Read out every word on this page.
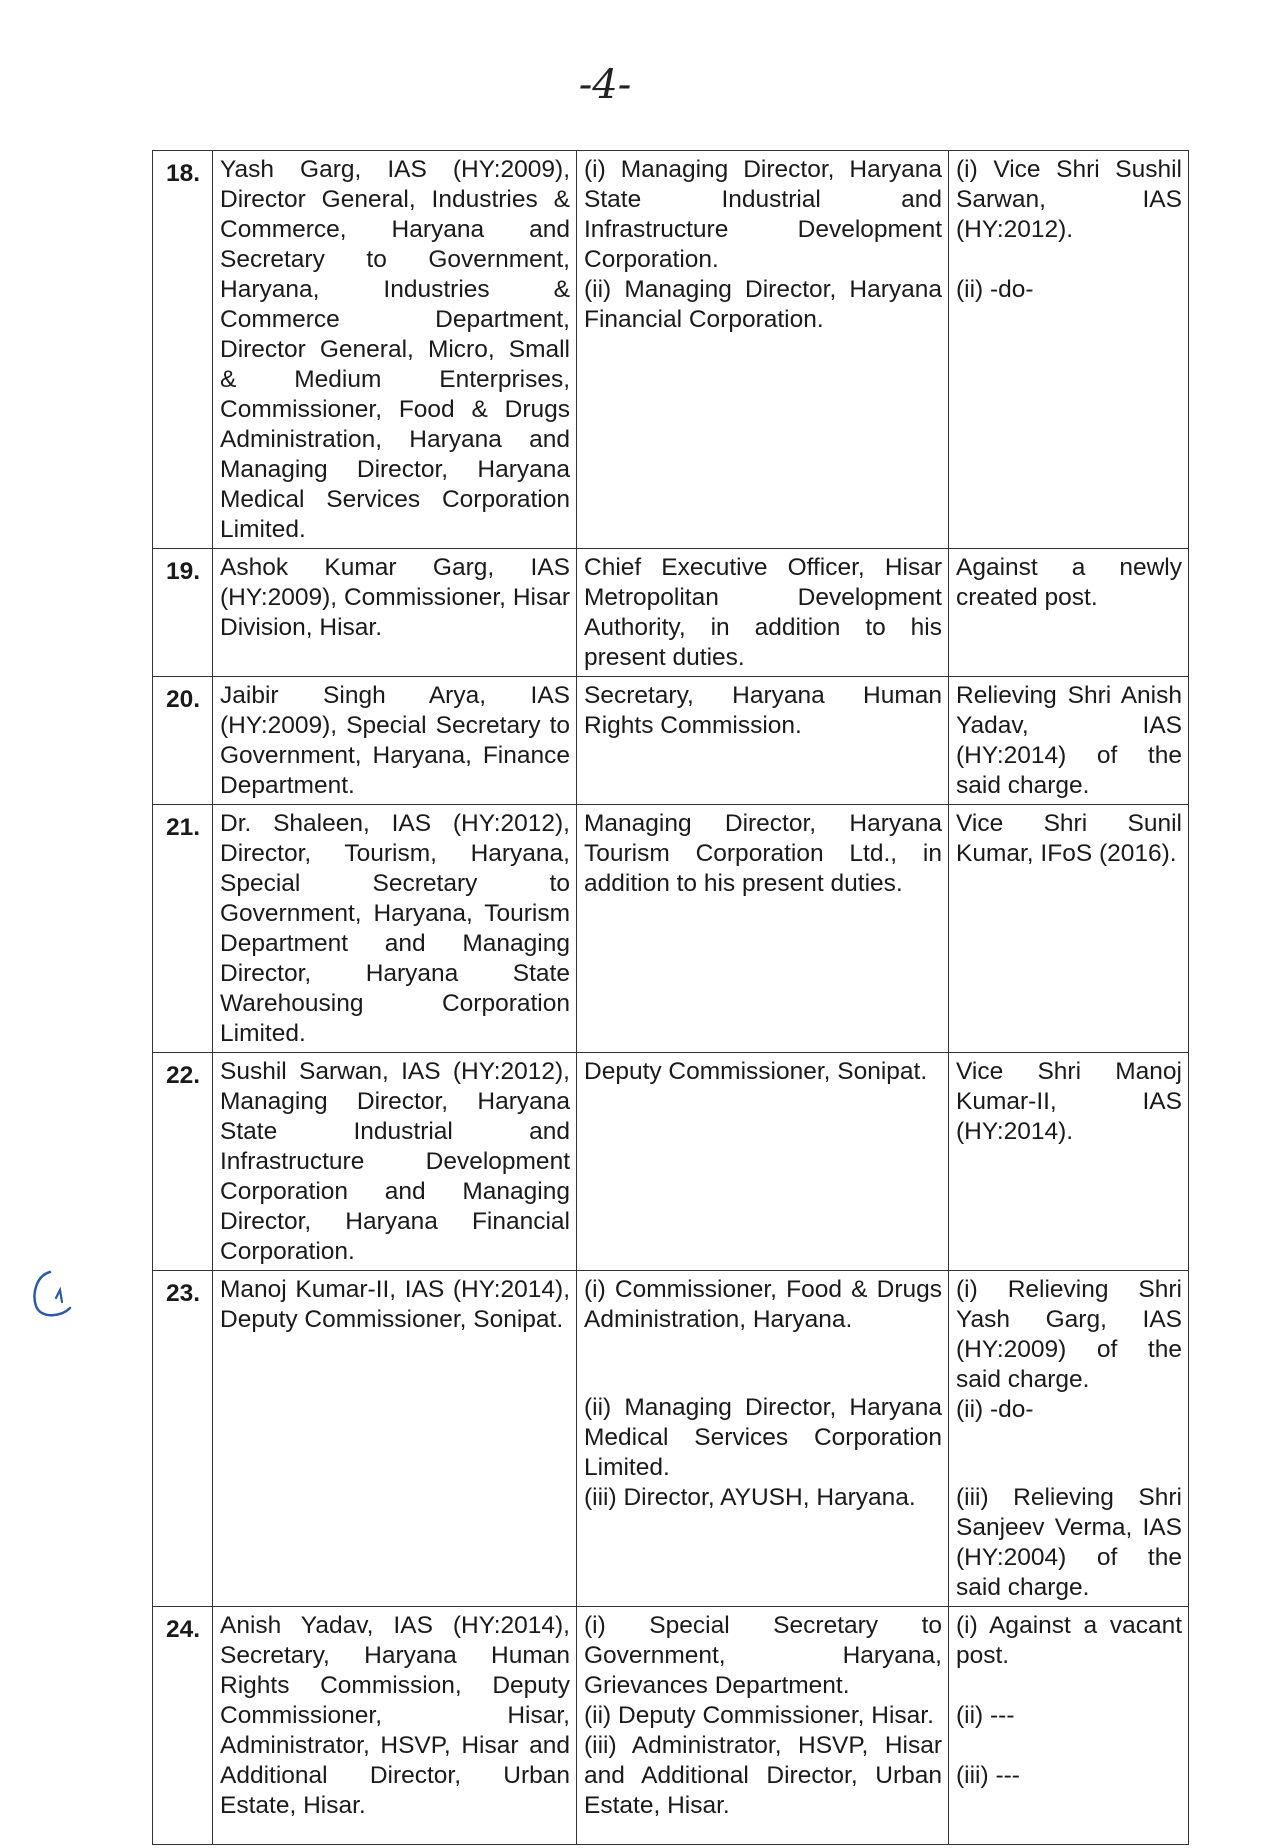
-4-
18.	Yash Garg, IAS (HY:2009), Director General, Industries & Commerce, Haryana and Secretary to Government, Haryana, Industries & Commerce Department, Director General, Micro, Small & Medium Enterprises, Commissioner, Food & Drugs Administration, Haryana and Managing Director, Haryana Medical Services Corporation Limited.	(i) Managing Director, Haryana State Industrial and Infrastructure Development Corporation.
(ii) Managing Director, Haryana Financial Corporation.	(i) Vice Shri Sushil Sarwan, IAS (HY:2012).
(ii) -do-

19.	Ashok Kumar Garg, IAS (HY:2009), Commissioner, Hisar Division, Hisar.	Chief Executive Officer, Hisar Metropolitan Development Authority, in addition to his present duties.	Against a newly created post.

20.	Jaibir Singh Arya, IAS (HY:2009), Special Secretary to Government, Haryana, Finance Department.	Secretary, Haryana Human Rights Commission.	Relieving Shri Anish Yadav, IAS (HY:2014) of the said charge.

21.	Dr. Shaleen, IAS (HY:2012), Director, Tourism, Haryana, Special Secretary to Government, Haryana, Tourism Department and Managing Director, Haryana State Warehousing Corporation Limited.	Managing Director, Haryana Tourism Corporation Ltd., in addition to his present duties.	Vice Shri Sunil Kumar, IFoS (2016).

22.	Sushil Sarwan, IAS (HY:2012), Managing Director, Haryana State Industrial and Infrastructure Development Corporation and Managing Director, Haryana Financial Corporation.	Deputy Commissioner, Sonipat.	Vice Shri Manoj Kumar-II, IAS (HY:2014).

23.	Manoj Kumar-II, IAS (HY:2014), Deputy Commissioner, Sonipat.	(i) Commissioner, Food & Drugs Administration, Haryana.
(ii) Managing Director, Haryana Medical Services Corporation Limited.
(iii) Director, AYUSH, Haryana.	(i) Relieving Shri Yash Garg, IAS (HY:2009) of the said charge.
(ii) -do-
(iii) Relieving Shri Sanjeev Verma, IAS (HY:2004) of the said charge.

24.	Anish Yadav, IAS (HY:2014), Secretary, Haryana Human Rights Commission, Deputy Commissioner, Hisar, Administrator, HSVP, Hisar and Additional Director, Urban Estate, Hisar.	(i) Special Secretary to Government, Haryana, Grievances Department.
(ii) Deputy Commissioner, Hisar.
(iii) Administrator, HSVP, Hisar and Additional Director, Urban Estate, Hisar.	(i) Against a vacant post.
(ii) ---
(iii) ---
